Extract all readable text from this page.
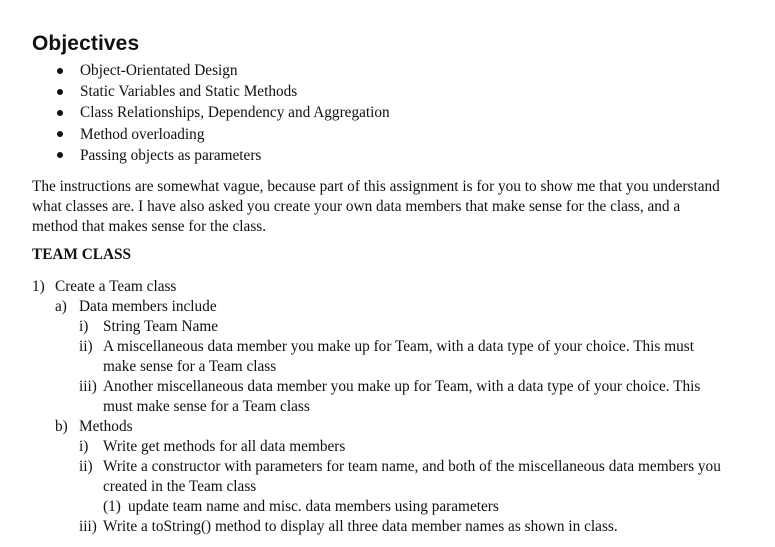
Objectives
Object-Orientated Design
Static Variables and Static Methods
Class Relationships, Dependency and Aggregation
Method overloading
Passing objects as parameters
The instructions are somewhat vague, because part of this assignment is for you to show me that you understand
what classes are. I have also asked you create your own data members that make sense for the class, and a
method that makes sense for the class.
TEAM CLASS
1) Create a Team class
a) Data members include
i) String Team Name
ii) A miscellaneous data member you make up for Team, with a data type of your choice. This must
make sense for a Team class
iii) Another miscellaneous data member you make up for Team, with a data type of your choice. This
must make sense for a Team class
b) Methods
i) Write get methods for all data members
ii) Write a constructor with parameters for team name, and both of the miscellaneous data members you
created in the Team class
(1) update team name and misc. data members using parameters
iii) Write a toString() method to display all three data member names as shown in class.
